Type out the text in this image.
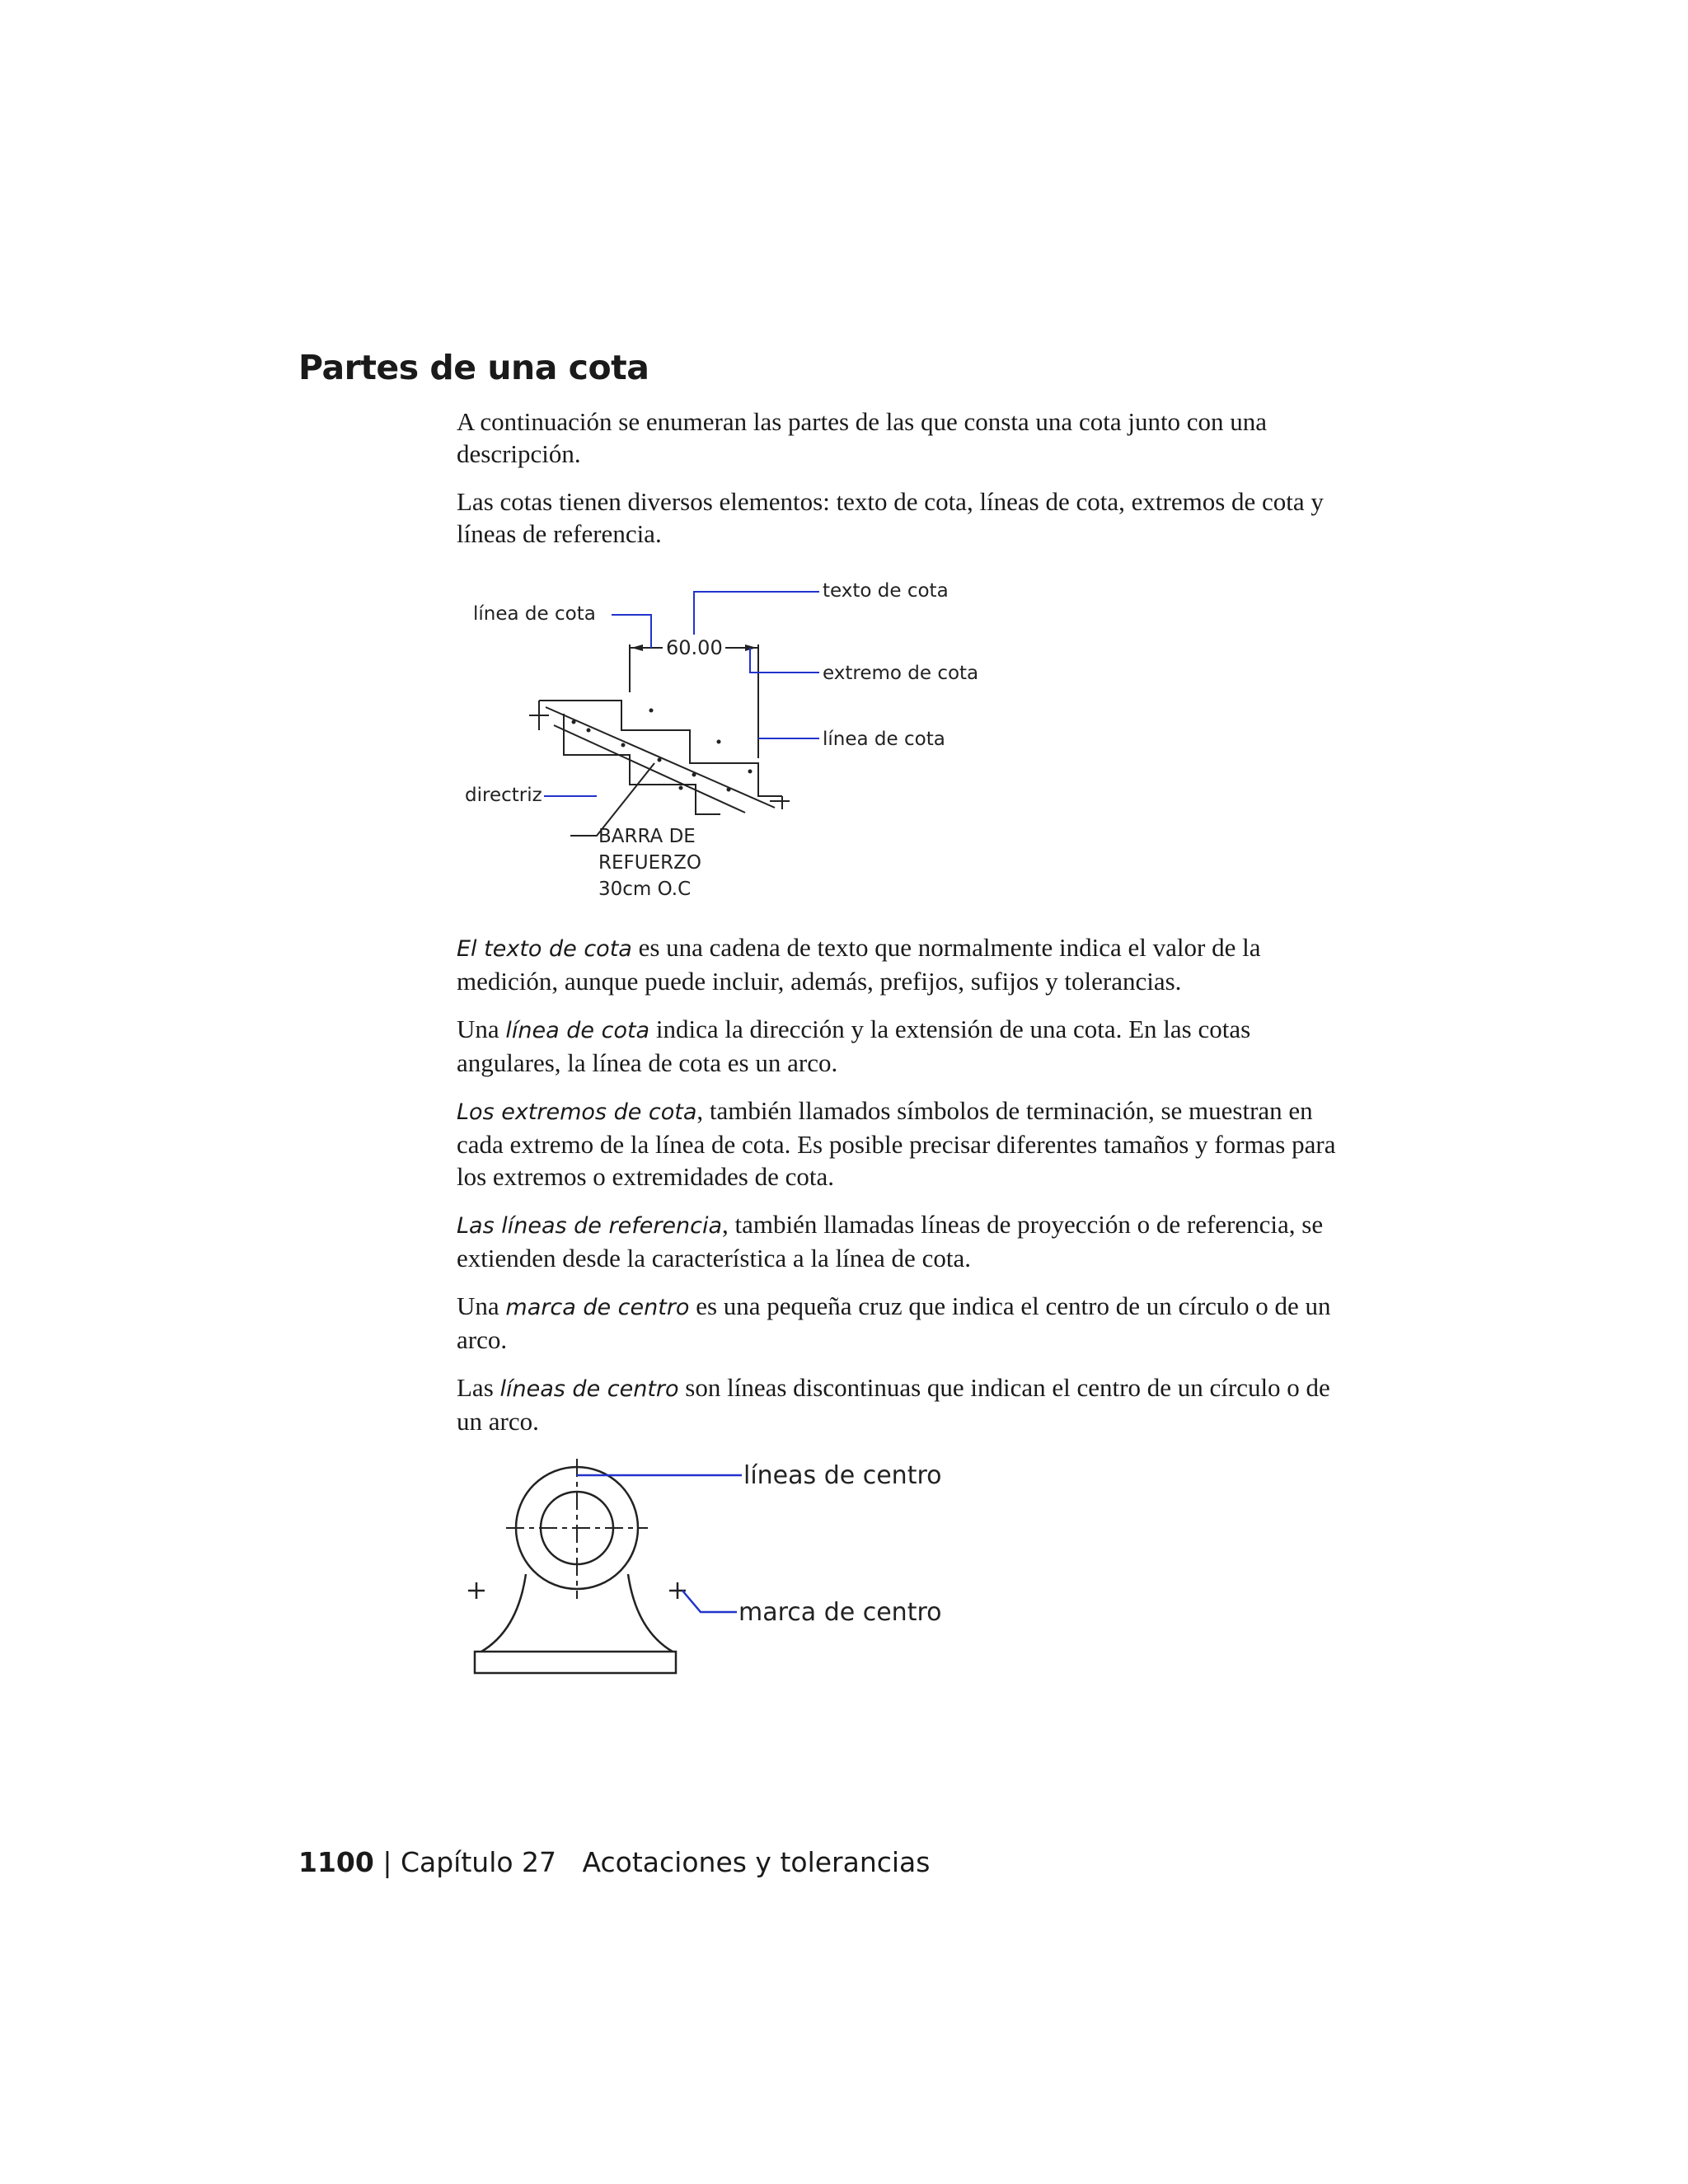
Partes de una cota

A continuación se enumeran las partes de las que consta una cota junto con una descripción.

Las cotas tienen diversos elementos: texto de cota, líneas de cota, extremos de cota y líneas de referencia.

línea de cota
texto de cota
60.00
extremo de cota
línea de cota
directriz
BARRA DE
REFUERZO
30cm O.C

El texto de cota es una cadena de texto que normalmente indica el valor de la medición, aunque puede incluir, además, prefijos, sufijos y tolerancias.

Una línea de cota indica la dirección y la extensión de una cota. En las cotas angulares, la línea de cota es un arco.

Los extremos de cota, también llamados símbolos de terminación, se muestran en cada extremo de la línea de cota. Es posible precisar diferentes tamaños y formas para los extremos o extremidades de cota.

Las líneas de referencia, también llamadas líneas de proyección o de referencia, se extienden desde la característica a la línea de cota.

Una marca de centro es una pequeña cruz que indica el centro de un círculo o de un arco.

Las líneas de centro son líneas discontinuas que indican el centro de un círculo o de un arco.

líneas de centro
marca de centro
1100 | Capítulo 27 Acotaciones y tolerancias
